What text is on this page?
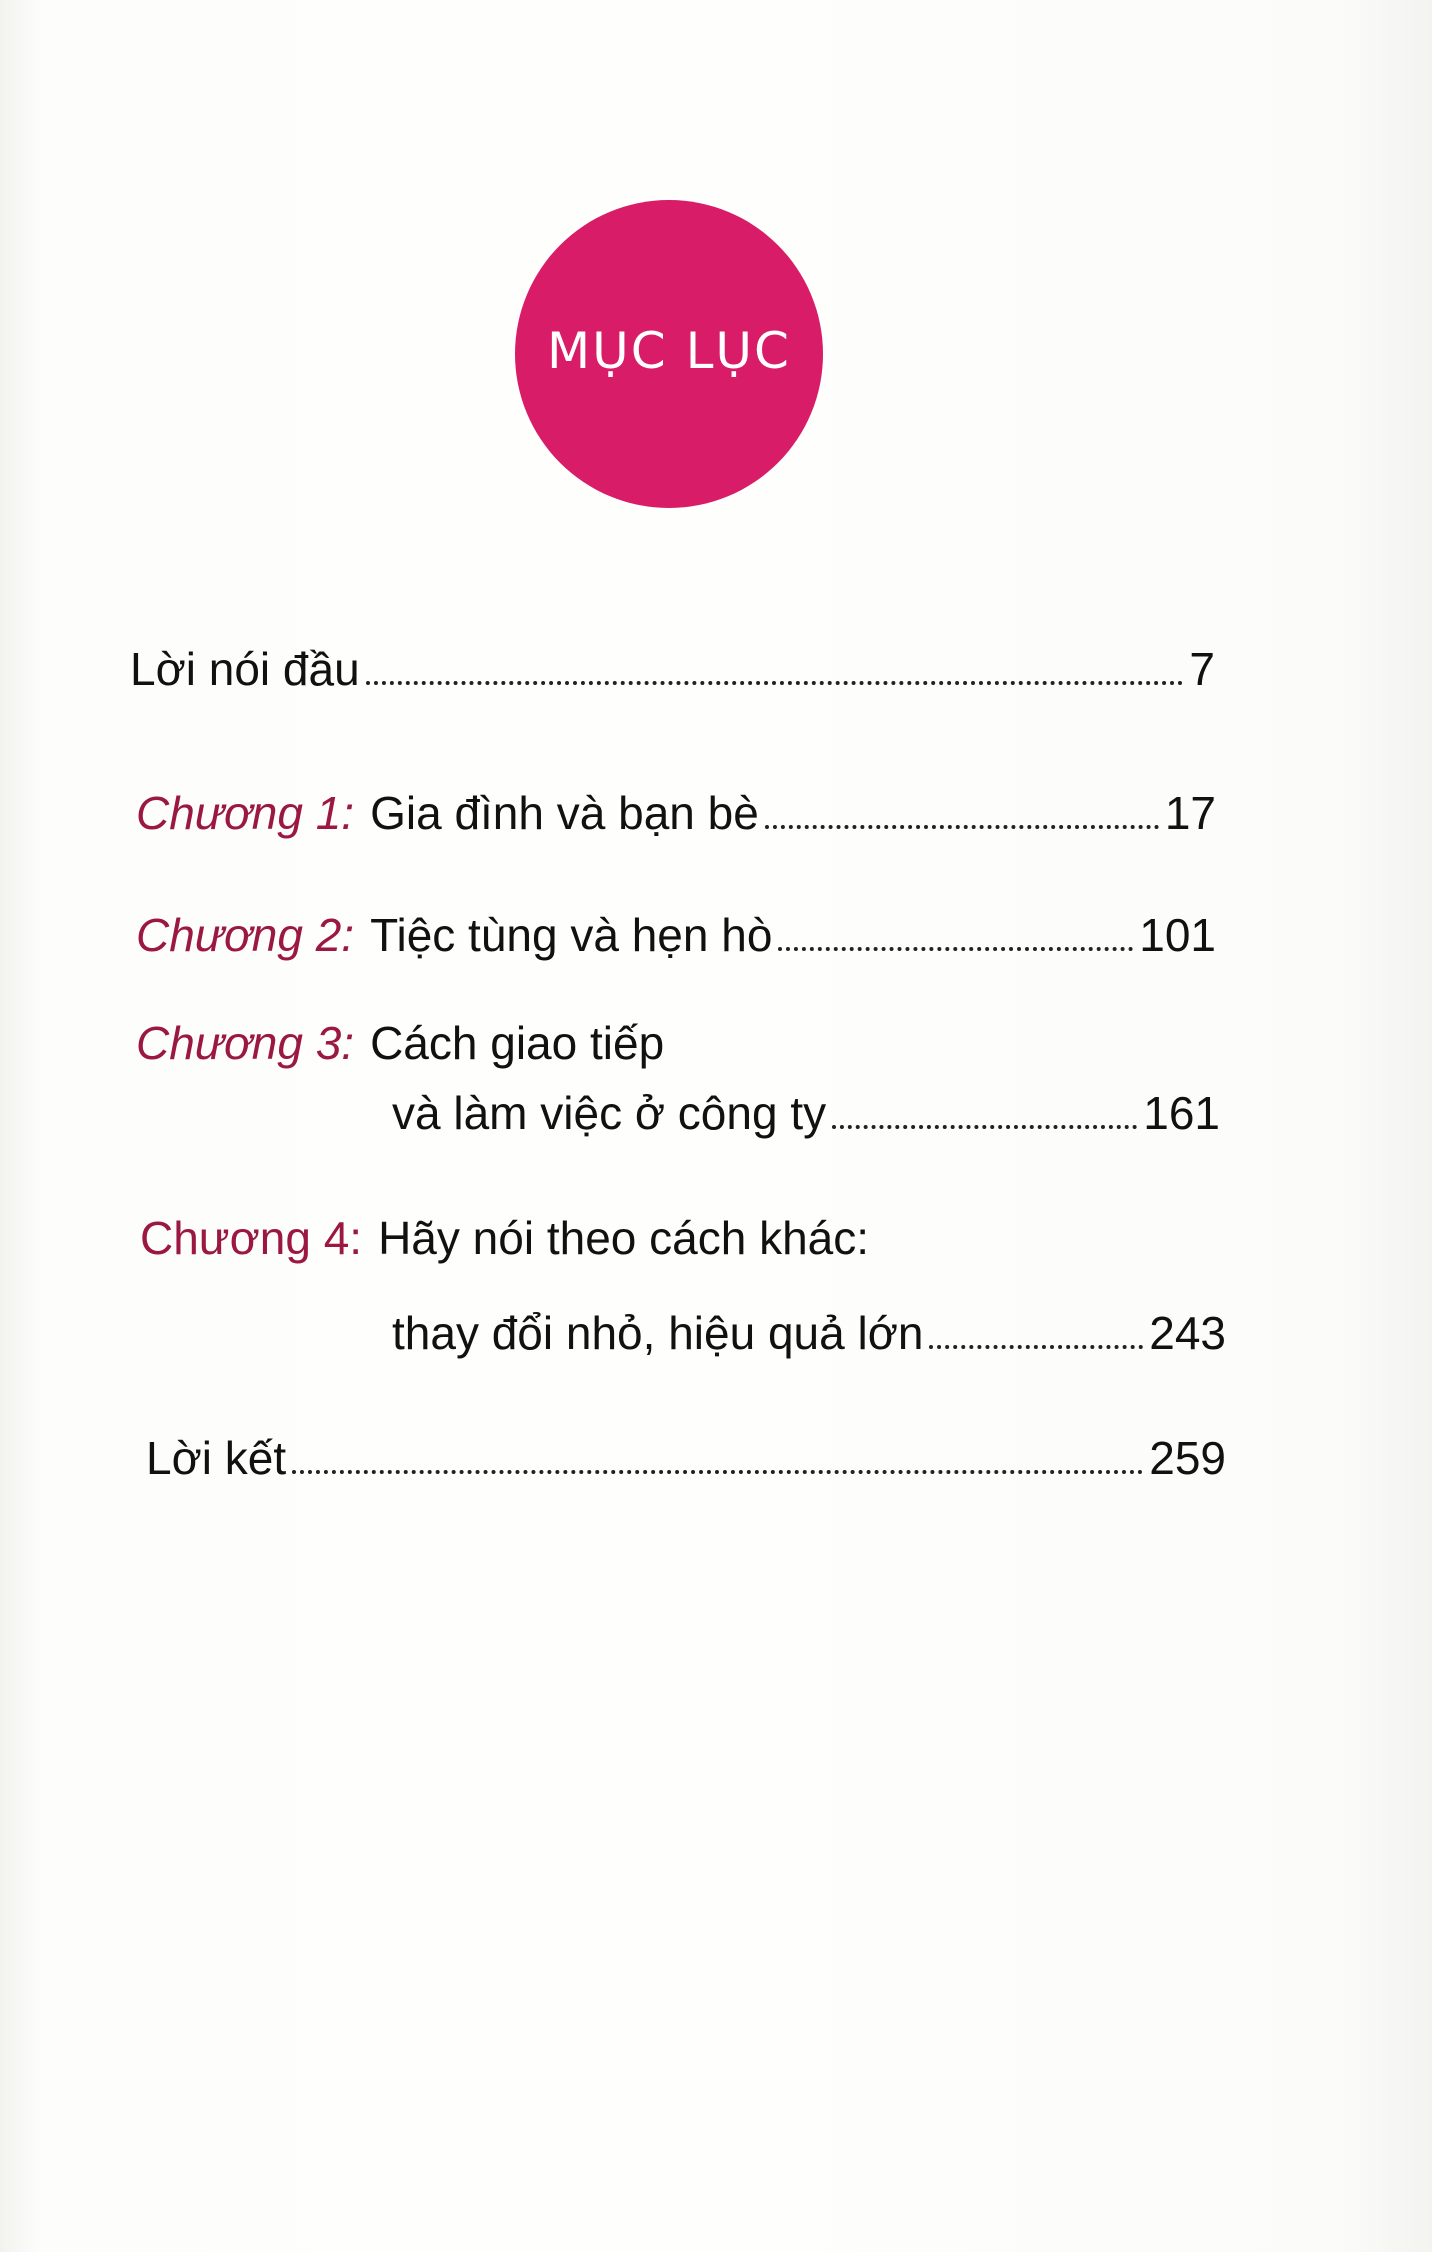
MỤC LỤC
Lời nói đầu	7
Chương 1: Gia đình và bạn bè	17
Chương 2: Tiệc tùng và hẹn hò	101
Chương 3: Cách giao tiếp
và làm việc ở công ty	161
Chương 4: Hãy nói theo cách khác:
thay đổi nhỏ, hiệu quả lớn	243
Lời kết	259
